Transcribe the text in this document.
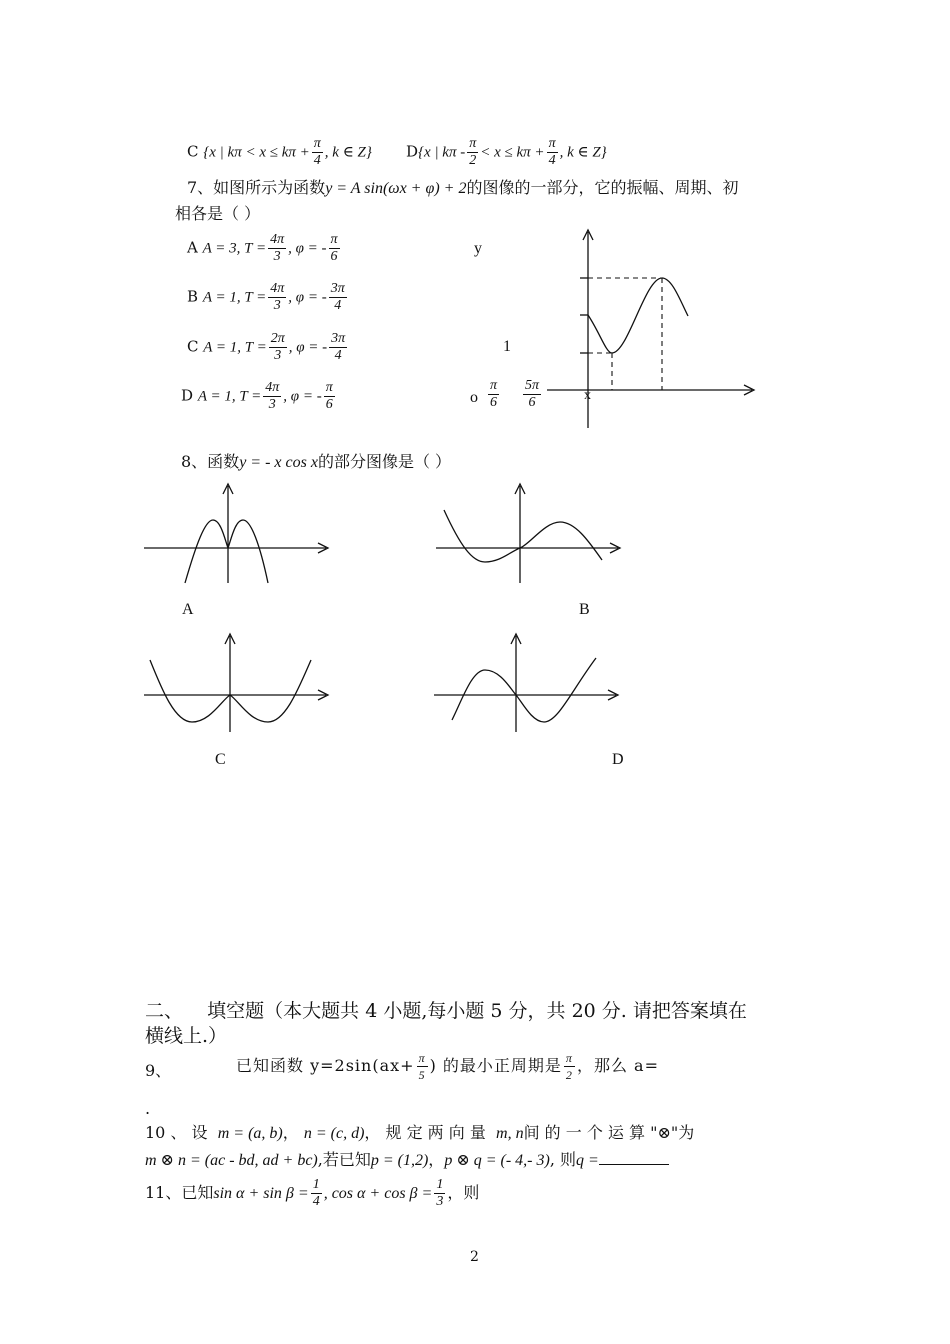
C {x | $k\pi < x \le k\pi + \frac{\pi}{4}$ , k ∈ Z} D{x | $k\pi - \frac{\pi}{2} < x \le k\pi + \frac{\pi}{4}$ , k ∈ Z}
7、如图所示为函数y = A sin(ωx + φ) + 2的图像的一部分，它的振幅、周期、初
相各是（ ）
A A = 3, $T = \frac{4\pi}{3}$ , φ = - $\frac{\pi}{6}$
B A = 1, $T = \frac{4\pi}{3}$ , φ = - $\frac{3\pi}{4}$
C A = 1, $T = \frac{2\pi}{3}$ , φ = - $\frac{3\pi}{4}$
D A = 1, $T = \frac{4\pi}{3}$ , φ = - $\frac{\pi}{6}$
y
1
o $\frac{\pi}{6} \frac{5\pi}{6}$	x
8、函数y = - x cos x的部分图像是（ ）
A	B
C	D
二、    填空题（本大题共 4 小题,每小题 5 分，共 20 分. 请把答案填在
横线上.）
9、	已知函数 $y=2\sin(ax+ \frac{\pi}{5}$ ) 的最小正周期是 $\frac{\pi}{2}$ ，那么 a=
.
10 、 设 m = (a, b)， n = (c, d)， 规 定 两 向 量 m, n间 的 一 个 运 算 "⊗"为
m ⊗ n = (ac - bd, ad + bc),若已知p = (1,2)，p ⊗ q = (- 4,- 3), 则q =
11、已知$\sin \alpha + \sin \beta = \frac{1}{4}$ , $\cos \alpha + \cos \beta = \frac{1}{3}$ ，则
2
